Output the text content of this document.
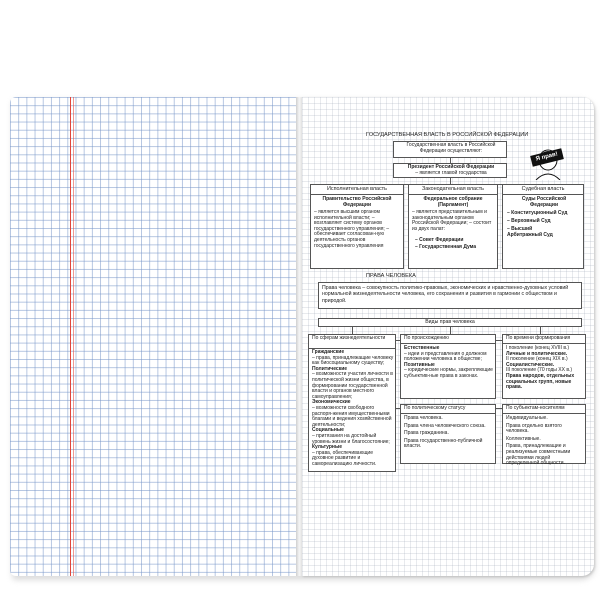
ГОСУДАРСТВЕННАЯ ВЛАСТЬ В РОССИЙСКОЙ ФЕДЕРАЦИИ
Государственная власть в Российской Федерации осуществляют:
Президент Российской Федерации
– является главой государства
Я прав!
Исполнительная власть
Правительство Российской Федерации
– является высшим органом исполнительной власти; – возглавляет систему органов государственного управления; – обеспечивает согласован-ную деятельность органов государственного управления
Законодательная власть
Федеральное собрание (Парламент)
– является представительным и законодательным органом Российской Федерации; – состоит из двух палат:
– Совет Федерации
– Государственная Дума
Судебная власть
Суды Российской Федерации
– Конституционный Суд
– Верховный Суд
– Высший Арбитражный Суд
ПРАВА ЧЕЛОВЕКА
Права человека – совокупность политико-правовых, экономических и нравственно-духовных условий нормальной жизнедеятельности человека, его сохранения и развития в гармонии с обществом и природой.
Виды прав человека
По сферам жизнедеятельности
Гражданские
– права, принадлежащие человеку как биосоциальному существу;
Политические
– возможности участия личности в политической жизни общества, в формировании государственной власти и органов местного самоуправления;
Экономические
– возможности свободного распоря-жения имущественными благами и ведения хозяйственной деятельности;
Социальные
– притязания на достойный уровень жизни и благосостояние;
Культурные
– права, обеспечивающие духовное развитие и самореализацию личности.
По происхождению
Естественные
– идеи и представления о должном положении человека в обществе;
Позитивные
– юридические нормы, закрепляющие субъектив-ные права в законах.
По времени формирования
I поколение (конец XVIII в.)
Личные и политические.
II поколение (конец XIX в.)
Социалистические.
III поколение (70 годы XX в.)
Права народов, отдельных социальных групп, новые права.
По политическому статусу
Права человека.
Права члена человеческого союза.
Права гражданина.
Права государственно-публичной власти.
По субъектам-носителям
Индивидуальные.
Права отдельно взятого человека.
Коллективные.
Права, принадлежащие и реализуемые совместными действиями людей определенной общности.
